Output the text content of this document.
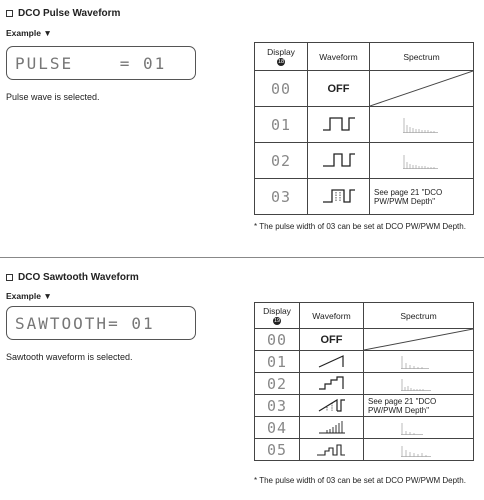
DCO Pulse Waveform
Example ▼
PULSE    = 01
Pulse wave is selected.
Display
18	Waveform	Spectrum
00	OFF	

01		
02		
03		See page 21 "DCO PW/PWM Depth"
* The pulse width of 03 can be set at DCO PW/PWM Depth.
DCO Sawtooth Waveform
Example ▼
SAWTOOTH= 01
Sawtooth waveform is selected.
Display
19	Waveform	Spectrum
00	OFF	

01		
02		
03		See page 21 "DCO PW/PWM Depth"
04		
05		
* The pulse width of 03 can be set at DCO PW/PWM Depth.
